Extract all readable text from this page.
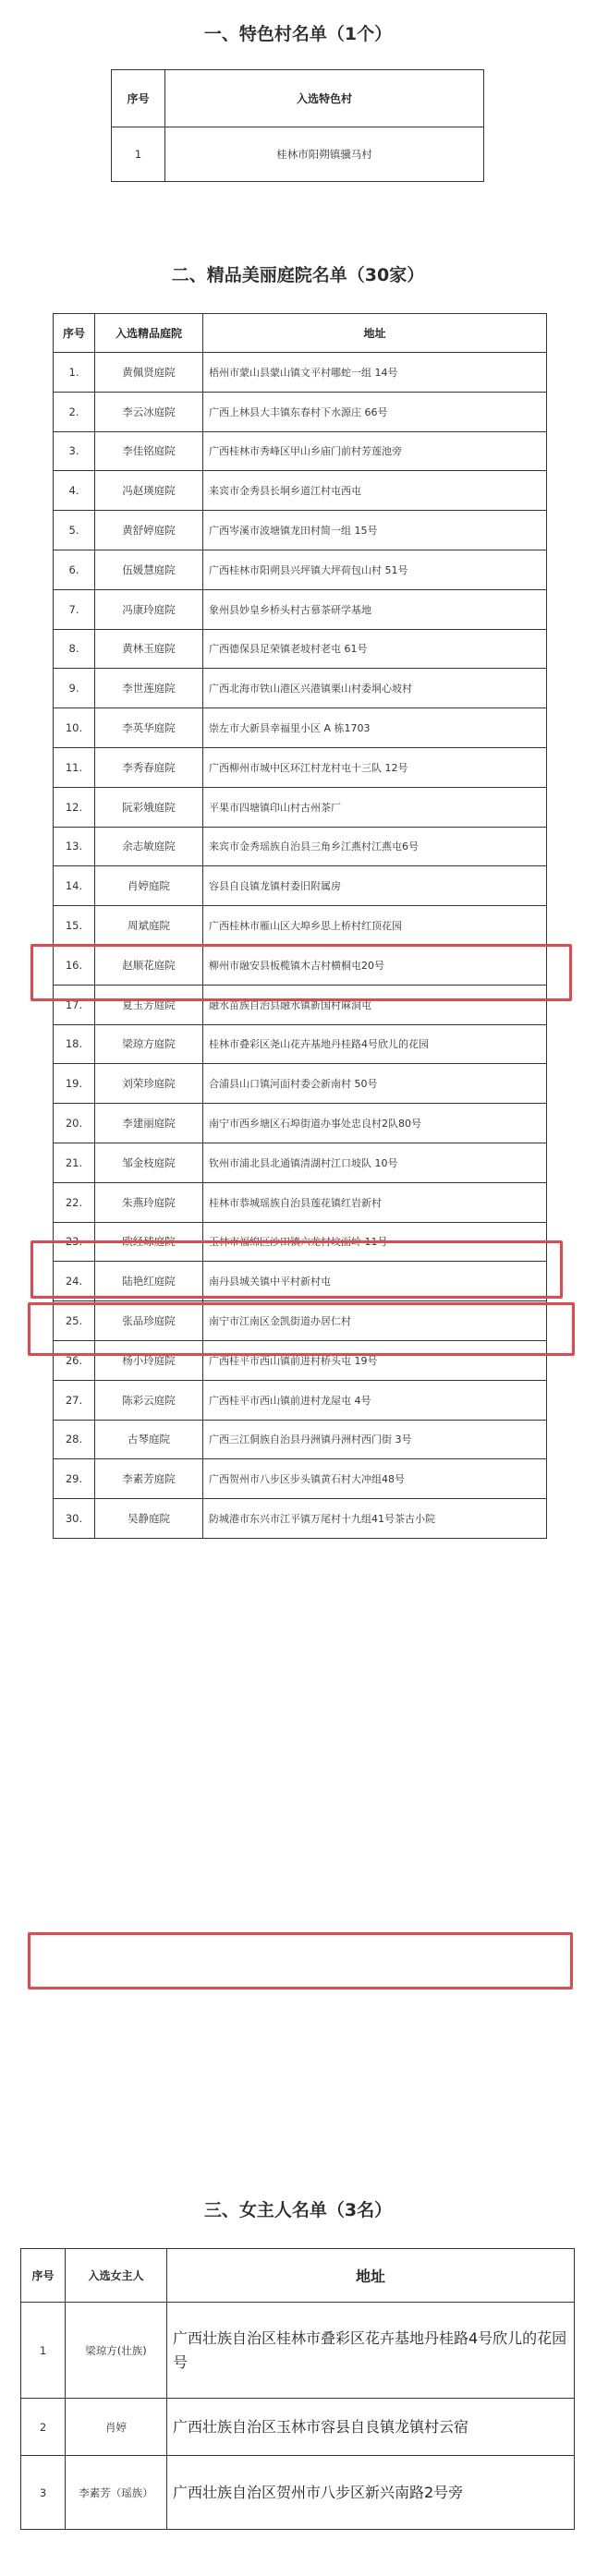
一、特色村名单（1个）
序号	入选特色村
1	桂林市阳朔镇骥马村
二、精品美丽庭院名单（30家）
序号	入选精品庭院	地址
1.	黄佩贤庭院	梧州市蒙山县蒙山镇文平村哪蛇一组 14号
2.	李云冰庭院	广西上林县大丰镇东春村下水源庄 66号
3.	李佳铭庭院	广西桂林市秀峰区甲山乡庙门前村芳莲池旁
4.	冯赵瑛庭院	来宾市金秀县长垌乡道江村屯西屯
5.	黄舒婷庭院	广西岑溪市波塘镇龙田村简一组 15号
6.	伍媛慧庭院	广西桂林市阳朔县兴坪镇大坪荷包山村 51号
7.	冯康玲庭院	象州县妙皇乡桥头村古慕茶研学基地
8.	黄林玉庭院	广西德保县足荣镇老坡村老屯 61号
9.	李世莲庭院	广西北海市铁山港区兴港镇栗山村委垌心坡村
10.	李英华庭院	崇左市大新县幸福里小区 A 栋1703
11.	李秀春庭院	广西柳州市城中区环江村龙村屯十三队 12号
12.	阮彩娥庭院	平果市四塘镇印山村古州茶厂
13.	余志敏庭院	来宾市金秀瑶族自治县三角乡江燕村江燕屯6号
14.	肖婷庭院	容县自良镇龙镇村委旧附属房
15.	周斌庭院	广西桂林市雁山区大埠乡思上桥村红顶花园
16.	赵顺花庭院	柳州市融安县板榄镇木吉村横桐屯20号
17.	夏玉芳庭院	融水苗族自治县融水镇新国村麻洞屯
18.	梁琼方庭院	桂林市叠彩区尧山花卉基地丹桂路4号欣儿的花园
19.	刘荣珍庭院	合浦县山口镇河面村委会新南村 50号
20.	李建丽庭院	南宁市西乡塘区石埠街道办事处忠良村2队80号
21.	邹金枝庭院	钦州市浦北县北通镇清湖村江口坡队 10号
22.	朱燕玲庭院	桂林市恭城瑶族自治县莲花镇红岩新村
23.	欧经球庭院	玉林市福绵区沙田镇六龙村坟面岭 11号
24.	陆艳红庭院	南丹县城关镇中平村新村屯
25.	张品珍庭院	南宁市江南区金凯街道办居仁村
26.	杨小玲庭院	广西桂平市西山镇前进村桥头屯 19号
27.	陈彩云庭院	广西桂平市西山镇前进村龙屋屯 4号
28.	古琴庭院	广西三江侗族自治县丹洲镇丹洲村西门街 3号
29.	李素芳庭院	广西贺州市八步区步头镇黄石村大冲组48号
30.	吴静庭院	防城港市东兴市江平镇万尾村十九组41号茶古小院
三、女主人名单（3名）
序号	入选女主人	地址
1	梁琼方(壮族)	广西壮族自治区桂林市叠彩区花卉基地丹桂路4号欣儿的花园号
2	肖婷	广西壮族自治区玉林市容县自良镇龙镇村云宿
3	李素芳（瑶族）	广西壮族自治区贺州市八步区新兴南路2号旁
